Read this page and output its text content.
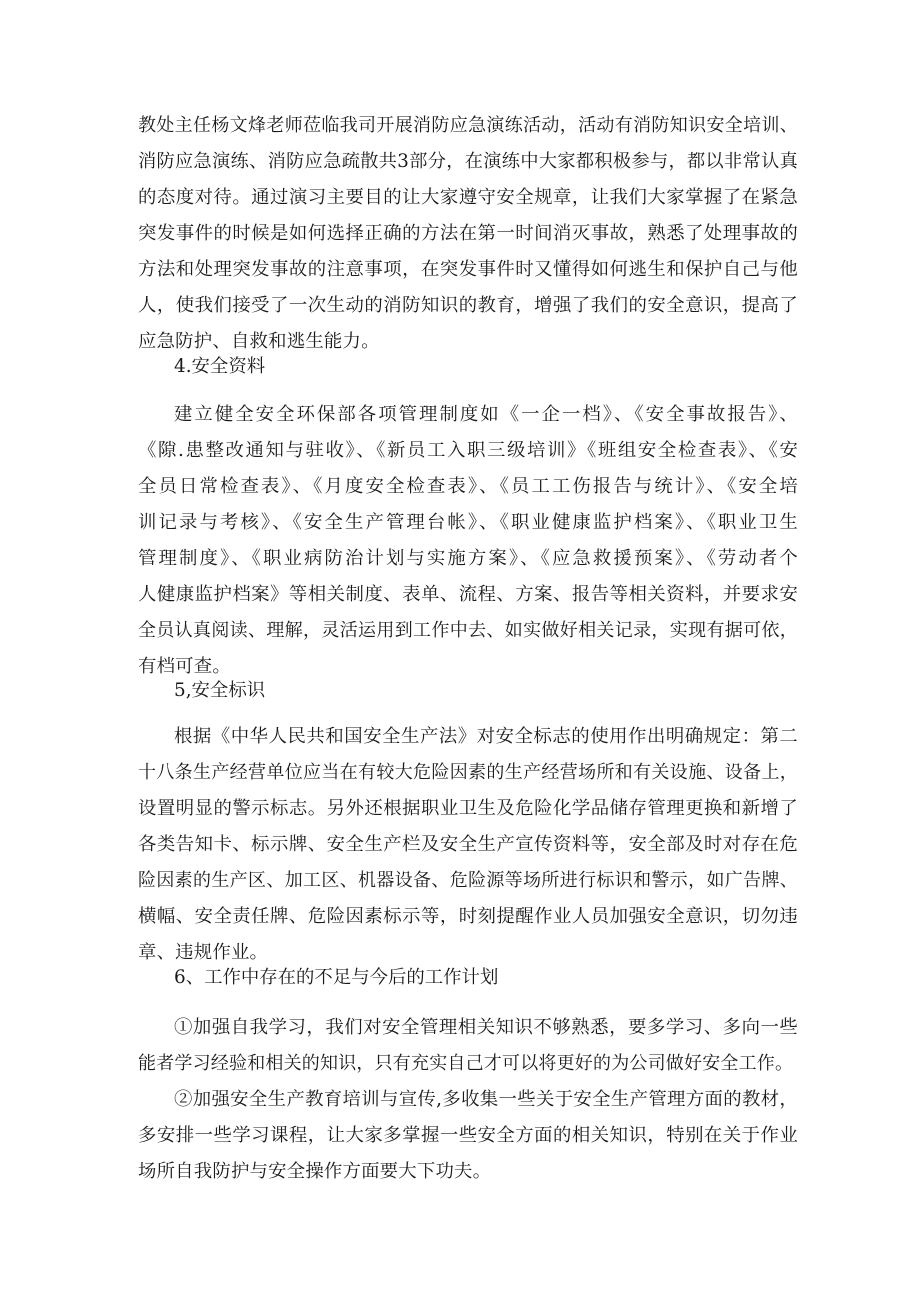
教处主任杨文烽老师莅临我司开展消防应急演练活动，活动有消防知识安全培训、
消防应急演练、消防应急疏散共3部分，在演练中大家都积极参与，都以非常认真
的态度对待。通过演习主要目的让大家遵守安全规章，让我们大家掌握了在紧急
突发事件的时候是如何选择正确的方法在第一时间消灭事故，熟悉了处理事故的
方法和处理突发事故的注意事项，在突发事件时又懂得如何逃生和保护自己与他
人，使我们接受了一次生动的消防知识的教育，增强了我们的安全意识，提高了
应急防护、自救和逃生能力。
4.安全资料
建立健全安全环保部各项管理制度如《一企一档》、《安全事故报告》、
《隙.患整改通知与驻收》、《新员工入职三级培训》《班组安全检查表》、《安
全员日常检查表》、《月度安全检查表》、《员工工伤报告与统计》、《安全培
训记录与考核》、《安全生产管理台帐》、《职业健康监护档案》、《职业卫生
管理制度》、《职业病防治计划与实施方案》、《应急救援预案》、《劳动者个
人健康监护档案》等相关制度、表单、流程、方案、报告等相关资料，并要求安
全员认真阅读、理解，灵活运用到工作中去、如实做好相关记录，实现有据可依，
有档可查。
5,安全标识
根据《中华人民共和国安全生产法》对安全标志的使用作出明确规定：第二
十八条生产经营单位应当在有较大危险因素的生产经营场所和有关设施、设备上，
设置明显的警示标志。另外还根据职业卫生及危险化学品储存管理更换和新增了
各类告知卡、标示牌、安全生产栏及安全生产宣传资料等，安全部及时对存在危
险因素的生产区、加工区、机器设备、危险源等场所进行标识和警示，如广告牌、
横幅、安全责任牌、危险因素标示等，时刻提醒作业人员加强安全意识，切勿违
章、违规作业。
6、工作中存在的不足与今后的工作计划
①加强自我学习，我们对安全管理相关知识不够熟悉，要多学习、多向一些
能者学习经验和相关的知识，只有充实自己才可以将更好的为公司做好安全工作。
②加强安全生产教育培训与宣传,多收集一些关于安全生产管理方面的教材，
多安排一些学习课程，让大家多掌握一些安全方面的相关知识，特别在关于作业
场所自我防护与安全操作方面要大下功夫。
